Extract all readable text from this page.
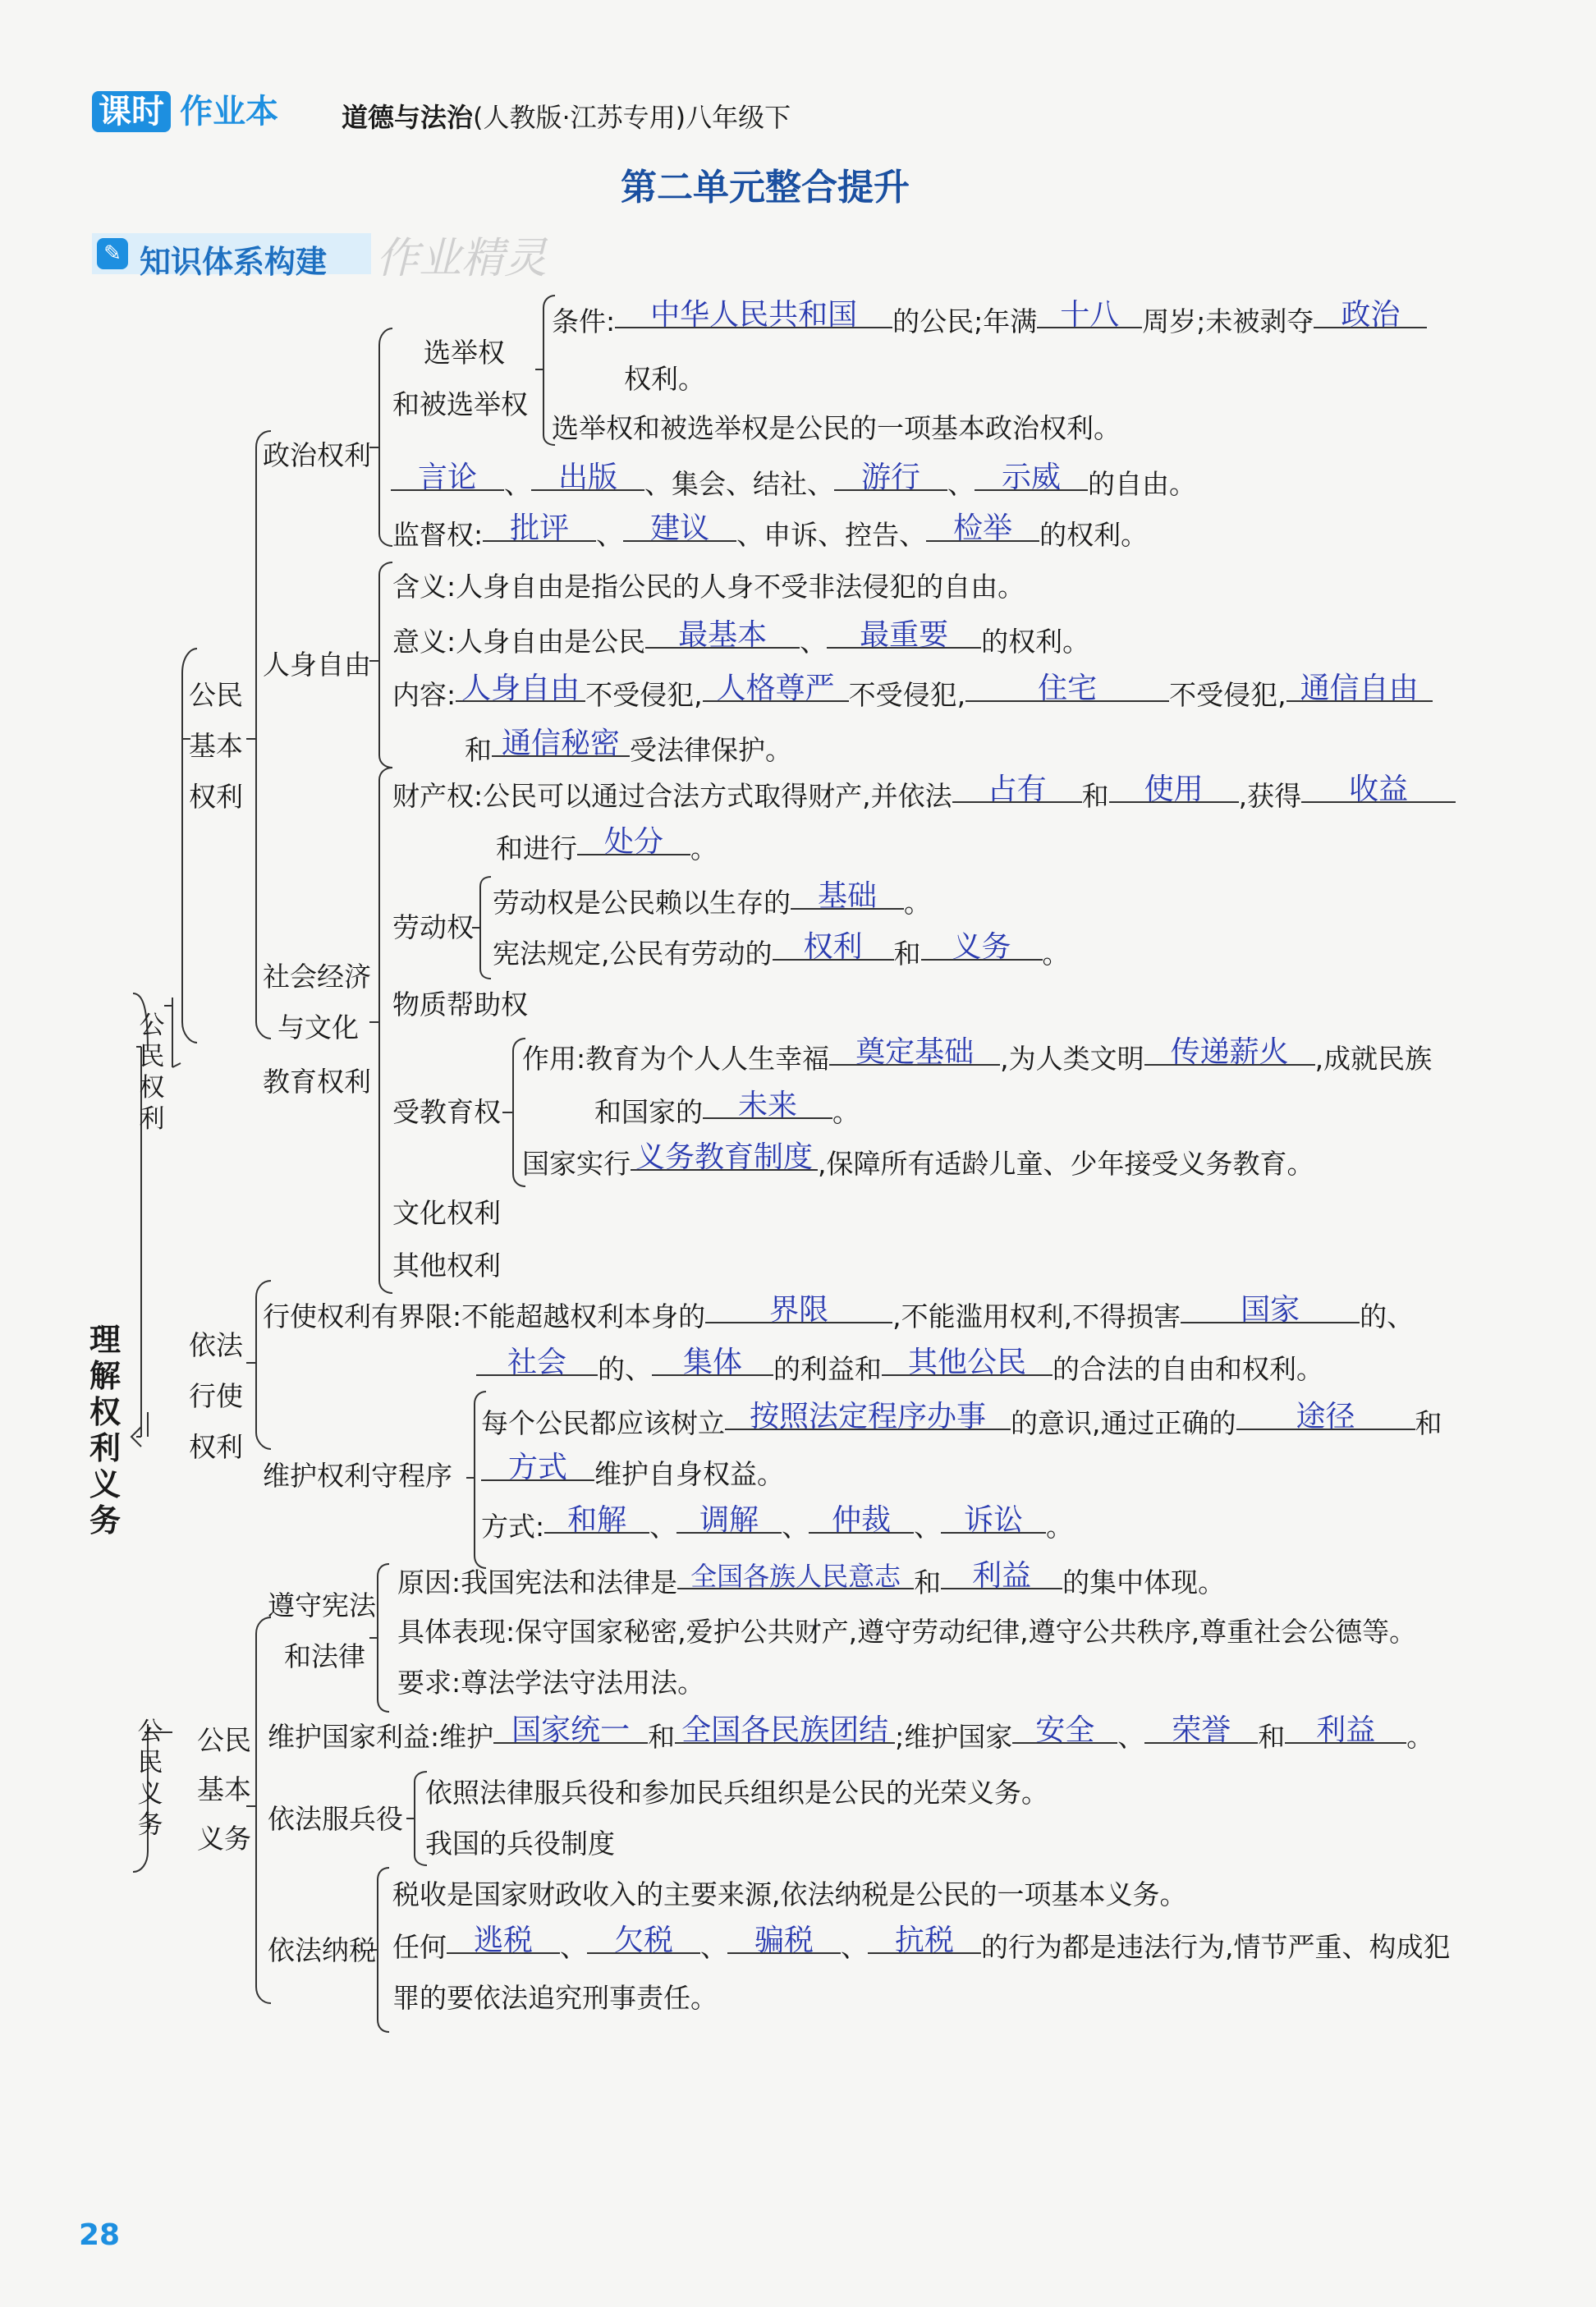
课时 作业本 道德与法治(人教版·江苏专用)八年级下
第二单元整合提升
✎ 知识体系构建 作业精灵
理解权利义务
公民权利
公民义务
公民基本权利
依法行使权利
公民基本义务
政治权利
选举权
和被选举权
条件: 中华人民共和国 的公民;年满 十八 周岁;未被剥夺 政治
权利。
选举权和被选举权是公民的一项基本政治权利。
言论 、 出版 、集会、结社、 游行 、 示威 的自由。
监督权: 批评 、 建议 、申诉、控告、 检举 的权利。
人身自由
含义:人身自由是指公民的人身不受非法侵犯的自由。
意义:人身自由是公民 最基本 、 最重要 的权利。
内容: 人身自由 不受侵犯, 人格尊严 不受侵犯, 住宅	不受侵犯, 通信自由
和 通信秘密 受法律保护。
社会经济
与文化
教育权利
财产权:公民可以通过合法方式取得财产,并依法 占有 和 使用 ,获得 收益
和进行 处分 。
劳动权
劳动权是公民赖以生存的 基础 。
宪法规定,公民有劳动的 权利 和 义务 。
物质帮助权
受教育权
作用:教育为个人人生幸福 奠定基础 ,为人类文明 传递薪火 ,成就民族
和国家的 未来 。
国家实行 义务教育制度 ,保障所有适龄儿童、少年接受义务教育。
文化权利
其他权利
行使权利有界限:不能超越权利本身的 界限 ,不能滥用权利,不得损害 国家 的、
社会 的、 集体 的利益和 其他公民 的合法的自由和权利。
维护权利守程序
每个公民都应该树立 按照法定程序办事 的意识,通过正确的 途径 和
方式 维护自身权益。
方式: 和解 、 调解 、 仲裁 、 诉讼 。
遵守宪法
和法律
原因:我国宪法和法律是 全国各族人民意志 和 利益 的集中体现。
具体表现:保守国家秘密,爱护公共财产,遵守劳动纪律,遵守公共秩序,尊重社会公德等。
要求:尊法学法守法用法。
维护国家利益:维护 国家统一 和 全国各民族团结 ;维护国家 安全 、 荣誉 和 利益 。
依法服兵役
依照法律服兵役和参加民兵组织是公民的光荣义务。
我国的兵役制度
依法纳税
税收是国家财政收入的主要来源,依法纳税是公民的一项基本义务。
任何 逃税 、 欠税 、 骗税 、 抗税 的行为都是违法行为,情节严重、构成犯
罪的要依法追究刑事责任。
28
